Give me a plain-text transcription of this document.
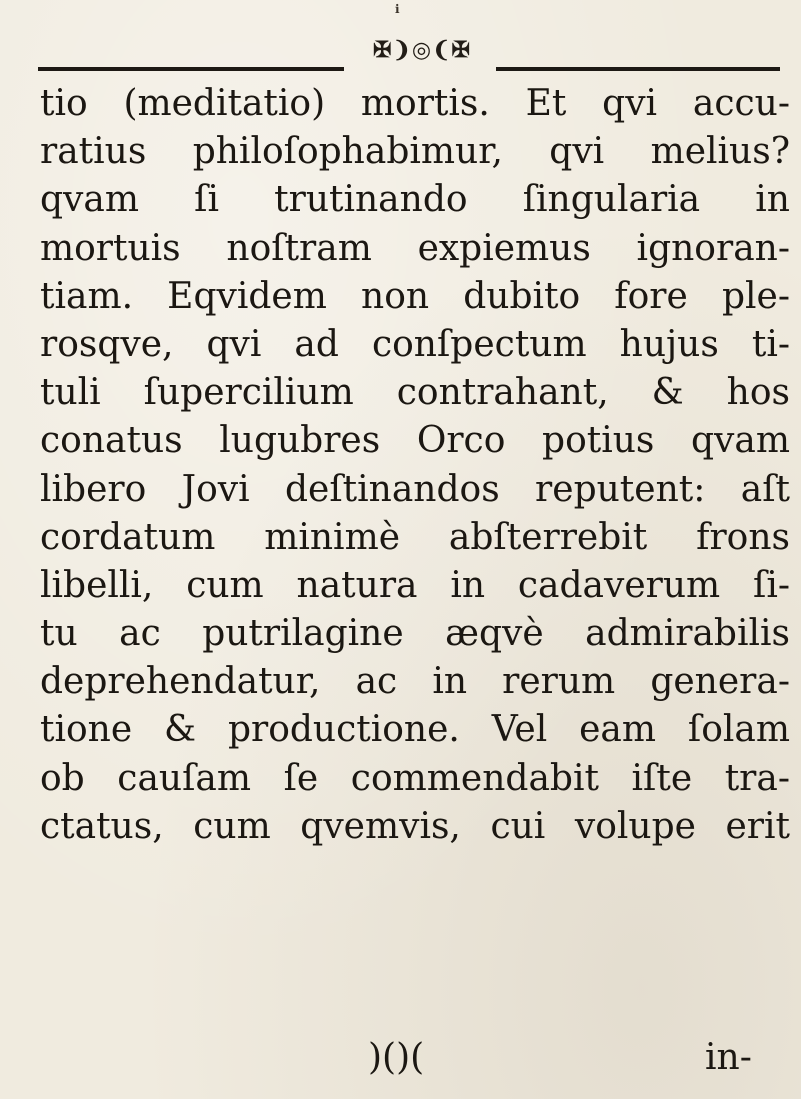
ℹ
✠❩◎❨✠
tio (meditatio) mortis. Et qvi accu-
ratius philoſophabimur, qvi melius?
qvam ſi trutinando ſingularia in
mortuis noſtram expiemus ignoran-
tiam. Eqvidem non dubito fore ple-
rosqve, qvi ad conſpectum hujus ti-
tuli ſupercilium contrahant, & hos
conatus lugubres Orco potius qvam
libero Jovi deſtinandos reputent: aſt
cordatum minimè abſterrebit frons
libelli, cum natura in cadaverum ſi-
tu ac putrilagine æqvè admirabilis
deprehendatur, ac in rerum genera-
tione & productione. Vel eam ſolam
ob cauſam ſe commendabit iſte tra-
ctatus, cum qvemvis, cui volupe erit
)()(	in-
